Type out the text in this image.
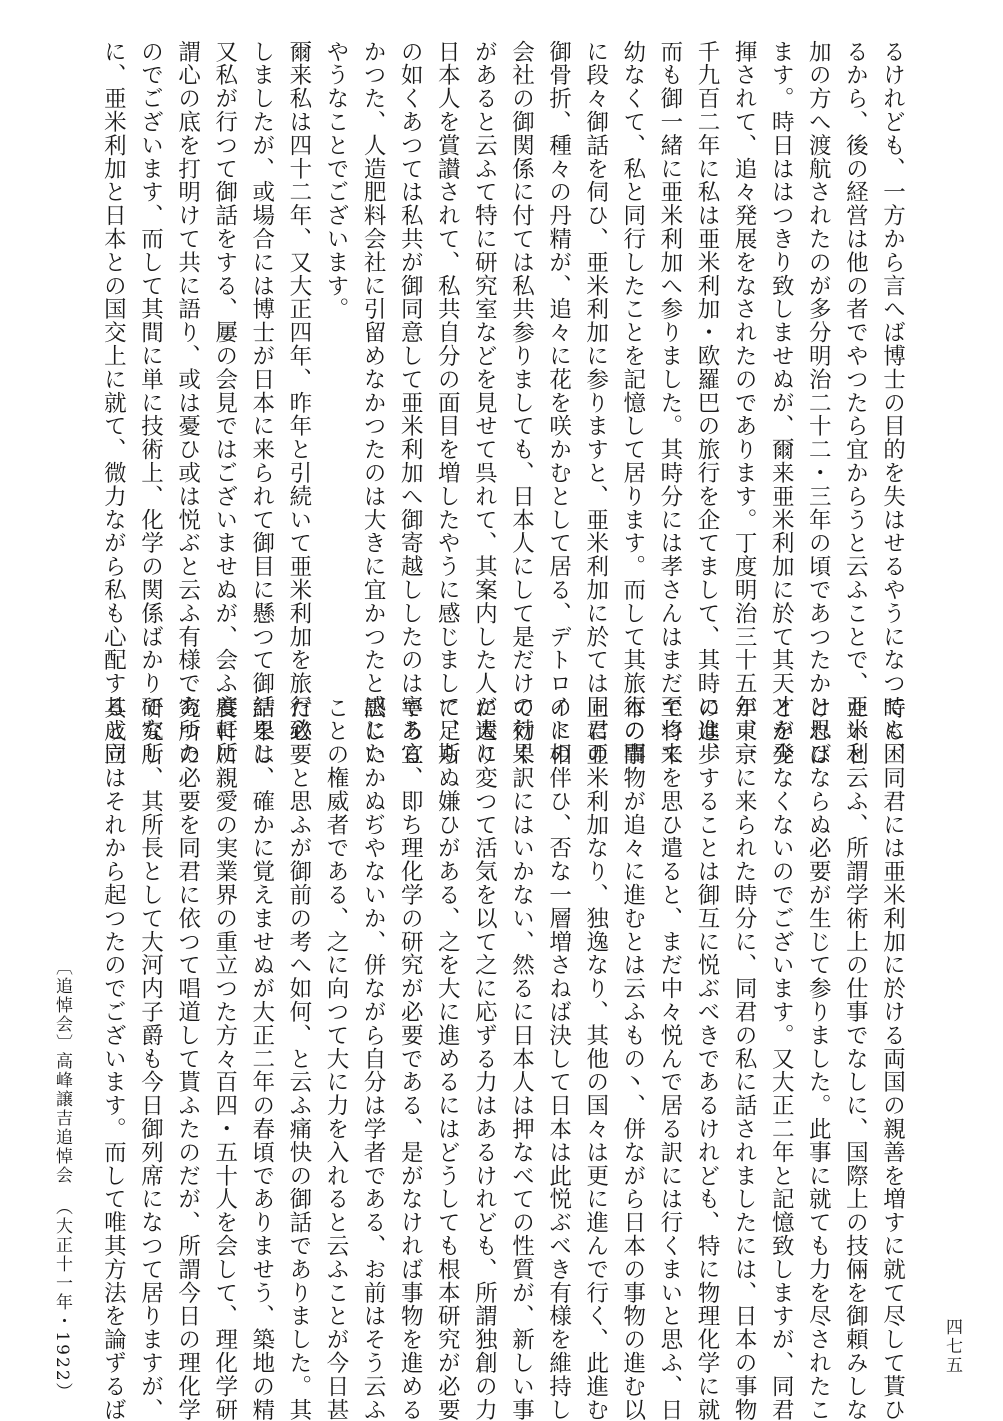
るけれども、一方から言へば博士の目的を失はせるやうになつても困
るから、後の経営は他の者でやつたら宜からうと云ふことで、亜米利
加の方へ渡航されたのが多分明治二十二・三年の頃であつたかと思ひ
ます。時日ははつきり致しませぬが、爾来亜米利加に於て其天才を発
揮されて、追々発展をなされたのであります。丁度明治三十五年、一
千九百二年に私は亜米利加・欧羅巴の旅行を企てまして、其時には、
而も御一緒に亜米利加へ参りました。其時分には孝さんはまだ至つて
幼なくて、私と同行したことを記憶して居ります。而して其旅行の間
に段々御話を伺ひ、亜米利加に参りますと、亜米利加に於ては同君の
御骨折、種々の丹精が、追々に花を咲かむとして居る、デトロイトの
会社の御関係に付ては私共参りましても、日本人にして是だけの効果
があると云ふて特に研究室などを見せて呉れて、其案内した人が大に
日本人を賞讃されて、私共自分の面目を増したやうに感じまして、斯
の如くあつては私共が御同意して亜米利加へ御寄越ししたのは寧ろ宜
かつた、人造肥料会社に引留めなかつたのは大きに宜かつたと感じた
やうなことでございます。
爾来私は四十二年、又大正四年、昨年と引続いて亜米利加を旅行致
しましたが、或場合には博士が日本に来られて御目に懸つて御話をし
又私が行つて御話をする、屢の会見ではございませぬが、会ふ度に所
謂心の底を打明けて共に語り、或は憂ひ或は悦ぶと云ふ有様であつた
のでございます、而して其間に単に技術上、化学の関係ばかりでなし
に、亜米利加と日本との国交上に就て、微力ながら私も心配すると同
時に、同君には亜米利加に於ける両国の親善を増すに就て尽して貰ひ
たいと云ふ、所謂学術上の仕事でなしに、国際上の技倆を御頼みしな
ければならぬ必要が生じて参りました。此事に就ても力を尽されたこ
とが少なくないのでございます。又大正二年と記憶致しますが、同君
が東京に来られた時分に、同君の私に話されましたには、日本の事物
の進歩することは御互に悦ぶべきであるけれども、特に物理化学に就
て将来を思ひ遣ると、まだ中々悦んで居る訳には行くまいと思ふ、日
本の事物が追々に進むとは云ふもの丶、併ながら日本の事物の進む以
上に亜米利加なり、独逸なり、其他の国々は更に進んで行く、此進む
のに相伴ひ、否な一層増さねば決して日本は此悦ぶべき有様を維持し
て行く訳にはいかない、然るに日本人は押なべての性質が、新しい事
に遷り変つて活気を以て之に応ずる力はあるけれども、所謂独創の力
に足らぬ嫌ひがある、之を大に進めるにはどうしても根本研究が必要
である、即ち理化学の研究が必要である、是がなければ事物を進める
訳にいかぬぢやないか、併ながら自分は学者である、お前はそう云ふ
ことの権威者である、之に向つて大に力を入れると云ふことが今日甚
だ必要と思ふが御前の考へ如何、と云ふ痛快の御話でありました。其
結果は、確かに覚えませぬが大正二年の春頃でありませう、築地の精
養軒に親愛の実業界の重立つた方々百四・五十人を会して、理化学研
究所の必要を同君に依つて唱道して貰ふたのだが、所謂今日の理化学
研究所、其所長として大河内子爵も今日御列席になつて居りますが、
其成立はそれから起つたのでございます。而して唯其方法を論ずるば
〔追悼会〕
高峰譲吉追悼会
（大正十一年・1922）	四七五
